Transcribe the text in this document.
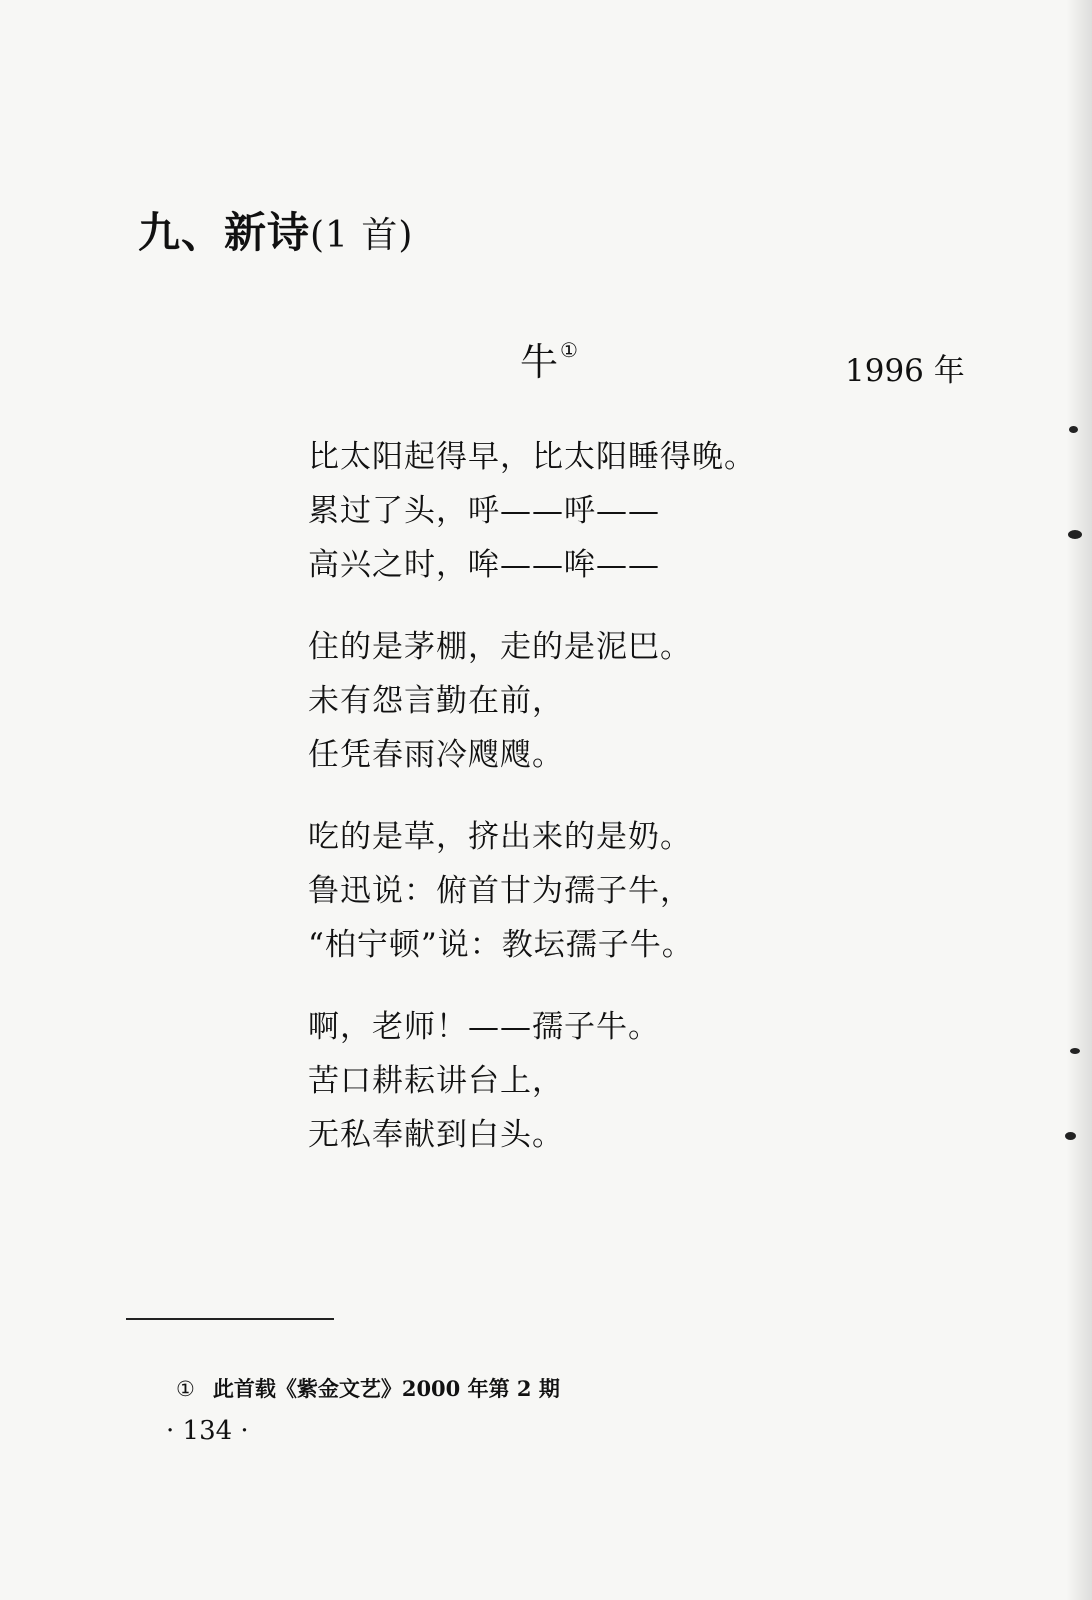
九、新诗(1 首)
牛 ①
1996 年
比太阳起得早，比太阳睡得晚。
累过了头，呼——呼——
高兴之时，哞——哞——
住的是茅棚，走的是泥巴。
未有怨言勤在前，
任凭春雨冷飕飕。
吃的是草，挤出来的是奶。
鲁迅说：俯首甘为孺子牛，
“柏宁顿”说：教坛孺子牛。
啊，老师！——孺子牛。
苦口耕耘讲台上，
无私奉献到白头。
① 此首载《紫金文艺》2000 年第 2 期
· 134 ·
